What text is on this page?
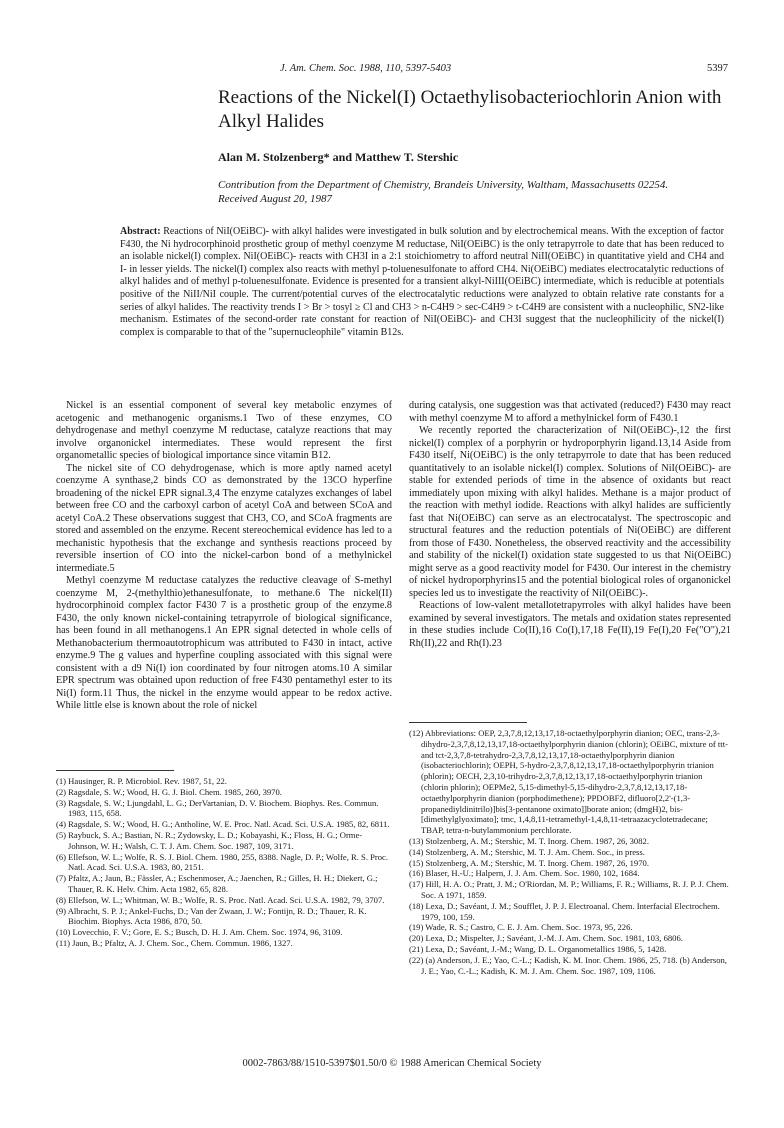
J. Am. Chem. Soc. 1988, 110, 5397-5403	5397
Reactions of the Nickel(I) Octaethylisobacteriochlorin Anion with Alkyl Halides
Alan M. Stolzenberg* and Matthew T. Stershic
Contribution from the Department of Chemistry, Brandeis University, Waltham, Massachusetts 02254. Received August 20, 1987
Abstract: Reactions of NiI(OEiBC)- with alkyl halides were investigated in bulk solution and by electrochemical means. With the exception of factor F430, the Ni hydrocorphinoid prosthetic group of methyl coenzyme M reductase, NiI(OEiBC) is the only tetrapyrrole to date that has been reduced to an isolable nickel(I) complex. NiI(OEiBC)- reacts with CH3I in a 2:1 stoichiometry to afford neutral NiII(OEiBC) in quantitative yield and CH4 and I- in lesser yields. The nickel(I) complex also reacts with methyl p-toluenesulfonate to afford CH4. Ni(OEiBC) mediates electrocatalytic reductions of alkyl halides and of methyl p-toluenesulfonate. Evidence is presented for a transient alkyl-NiIII(OEiBC) intermediate, which is reducible at potentials positive of the NiII/NiI couple. The current/potential curves of the electrocatalytic reductions were analyzed to obtain relative rate constants for a series of alkyl halides. The reactivity trends I > Br > tosyl ≥ Cl and CH3 > n-C4H9 > sec-C4H9 > t-C4H9 are consistent with a nucleophilic, SN2-like mechanism. Estimates of the second-order rate constant for reaction of NiI(OEiBC)- and CH3I suggest that the nucleophilicity of the nickel(I) complex is comparable to that of the "supernucleophile" vitamin B12s.

Nickel is an essential component of several key metabolic enzymes of acetogenic and methanogenic organisms.1 Two of these enzymes, CO dehydrogenase and methyl coenzyme M reductase, catalyze reactions that may involve organonickel intermediates. These would represent the first organometallic species of biological importance since vitamin B12.

The nickel site of CO dehydrogenase, which is more aptly named acetyl coenzyme A synthase,2 binds CO as demonstrated by the 13CO hyperfine broadening of the nickel EPR signal.3,4 The enzyme catalyzes exchanges of label between free CO and the carboxyl carbon of acetyl CoA and between SCoA and acetyl CoA.2 These observations suggest that CH3, CO, and SCoA fragments are stored and assembled on the enzyme. Recent stereochemical evidence has led to a mechanistic hypothesis that the exchange and synthesis reactions proceed by reversible insertion of CO into the nickel-carbon bond of a methylnickel intermediate.5

Methyl coenzyme M reductase catalyzes the reductive cleavage of S-methyl coenzyme M, 2-(methylthio)ethanesulfonate, to methane.6 The nickel(II) hydrocorphinoid complex factor F430 7 is a prosthetic group of the enzyme.8 F430, the only known nickel-containing tetrapyrrole of biological significance, has been found in all methanogens.1 An EPR signal detected in whole cells of Methanobacterium thermoautotrophicum was attributed to F430 in intact, active enzyme.9 The g values and hyperfine coupling associated with this signal were consistent with a d9 Ni(I) ion coordinated by four nitrogen atoms.10 A similar EPR spectrum was obtained upon reduction of free F430 pentamethyl ester to its Ni(I) form.11 Thus, the nickel in the enzyme would appear to be redox active. While little else is known about the role of nickel

during catalysis, one suggestion was that activated (reduced?) F430 may react with methyl coenzyme M to afford a methylnickel form of F430.1

We recently reported the characterization of NiI(OEiBC)-,12 the first nickel(I) complex of a porphyrin or hydroporphyrin ligand.13,14 Aside from F430 itself, Ni(OEiBC) is the only tetrapyrrole to date that has been reduced quantitatively to an isolable nickel(I) complex. Solutions of NiI(OEiBC)- are stable for extended periods of time in the absence of oxidants but react immediately upon mixing with alkyl halides. Methane is a major product of the reaction with methyl iodide. Reactions with alkyl halides are sufficiently fast that Ni(OEiBC) can serve as an electrocatalyst. The spectroscopic and structural features and the reduction potentials of Ni(OEiBC) are different from those of F430. Nonetheless, the observed reactivity and the accessibility and stability of the nickel(I) oxidation state suggested to us that Ni(OEiBC) might serve as a good reactivity model for F430. Our interest in the chemistry of nickel hydroporphyrins15 and the potential biological roles of organonickel species led us to investigate the reactivity of NiI(OEiBC)-.

Reactions of low-valent metallotetrapyrroles with alkyl halides have been examined by several investigators. The metals and oxidation states represented in these studies include Co(II),16 Co(I),17,18 Fe(II),19 Fe(I),20 Fe("O"),21 Rh(II),22 and Rh(I).23

(1) Hausinger, R. P. Microbiol. Rev. 1987, 51, 22.
(2) Ragsdale, S. W.; Wood, H. G. J. Biol. Chem. 1985, 260, 3970.
(3) Ragsdale, S. W.; Ljungdahl, L. G.; DerVartanian, D. V. Biochem. Biophys. Res. Commun. 1983, 115, 658.
(4) Ragsdale, S. W.; Wood, H. G.; Antholine, W. E. Proc. Natl. Acad. Sci. U.S.A. 1985, 82, 6811.
(5) Raybuck, S. A.; Bastian, N. R.; Zydowsky, L. D.; Kobayashi, K.; Floss, H. G.; Orme-Johnson, W. H.; Walsh, C. T. J. Am. Chem. Soc. 1987, 109, 3171.
(6) Ellefson, W. L.; Wolfe, R. S. J. Biol. Chem. 1980, 255, 8388. Nagle, D. P.; Wolfe, R. S. Proc. Natl. Acad. Sci. U.S.A. 1983, 80, 2151.
(7) Pfaltz, A.; Jaun, B.; Fässler, A.; Eschenmoser, A.; Jaenchen, R.; Gilles, H. H.; Diekert, G.; Thauer, R. K. Helv. Chim. Acta 1982, 65, 828.
(8) Ellefson, W. L.; Whitman, W. B.; Wolfe, R. S. Proc. Natl. Acad. Sci. U.S.A. 1982, 79, 3707.
(9) Albracht, S. P. J.; Ankel-Fuchs, D.; Van der Zwaan, J. W.; Fontijn, R. D.; Thauer, R. K. Biochim. Biophys. Acta 1986, 870, 50.
(10) Lovecchio, F. V.; Gore, E. S.; Busch, D. H. J. Am. Chem. Soc. 1974, 96, 3109.
(11) Jaun, B.; Pfaltz, A. J. Chem. Soc., Chem. Commun. 1986, 1327.
(12) Abbreviations: OEP, 2,3,7,8,12,13,17,18-octaethylporphyrin dianion; OEC, trans-2,3-dihydro-2,3,7,8,12,13,17,18-octaethylporphyrin dianion (chlorin); OEiBC, mixture of ttt- and tct-2,3,7,8-tetrahydro-2,3,7,8,12,13,17,18-octaethylporphyrin dianion (isobacteriochlorin); OEPH, 5-hydro-2,3,7,8,12,13,17,18-octaethylporphyrin trianion (phlorin); OECH, 2,3,10-trihydro-2,3,7,8,12,13,17,18-octaethylporphyrin trianion (chlorin phlorin); OEPMe2, 5,15-dimethyl-5,15-dihydro-2,3,7,8,12,13,17,18-octaethylporphyrin dianion (porphodimethene); PPDOBF2, difluoro[2,2'-(1,3-propanediyldinitrilo)]bis[3-pentanone oximato]]borate anion; (dmgH)2, bis-[dimethylglyoximato]; tmc, 1,4,8,11-tetramethyl-1,4,8,11-tetraazacyclotetradecane; TBAP, tetra-n-butylammonium perchlorate.
(13) Stolzenberg, A. M.; Stershic, M. T. Inorg. Chem. 1987, 26, 3082.
(14) Stolzenberg, A. M.; Stershic, M. T. J. Am. Chem. Soc., in press.
(15) Stolzenberg, A. M.; Stershic, M. T. Inorg. Chem. 1987, 26, 1970.
(16) Blaser, H.-U.; Halpern, J. J. Am. Chem. Soc. 1980, 102, 1684.
(17) Hill, H. A. O.; Pratt, J. M.; O'Riordan, M. P.; Williams, F. R.; Williams, R. J. P. J. Chem. Soc. A 1971, 1859.
(18) Lexa, D.; Savéant, J. M.; Soufflet, J. P. J. Electroanal. Chem. Interfacial Electrochem. 1979, 100, 159.
(19) Wade, R. S.; Castro, C. E. J. Am. Chem. Soc. 1973, 95, 226.
(20) Lexa, D.; Mispelter, J.; Savéant, J.-M. J. Am. Chem. Soc. 1981, 103, 6806.
(21) Lexa, D.; Savéant, J.-M.; Wang, D. L. Organometallics 1986, 5, 1428.
(22) (a) Anderson, J. E.; Yao, C.-L.; Kadish, K. M. Inor. Chem. 1986, 25, 718. (b) Anderson, J. E.; Yao, C.-L.; Kadish, K. M. J. Am. Chem. Soc. 1987, 109, 1106.
0002-7863/88/1510-5397$01.50/0 © 1988 American Chemical Society
